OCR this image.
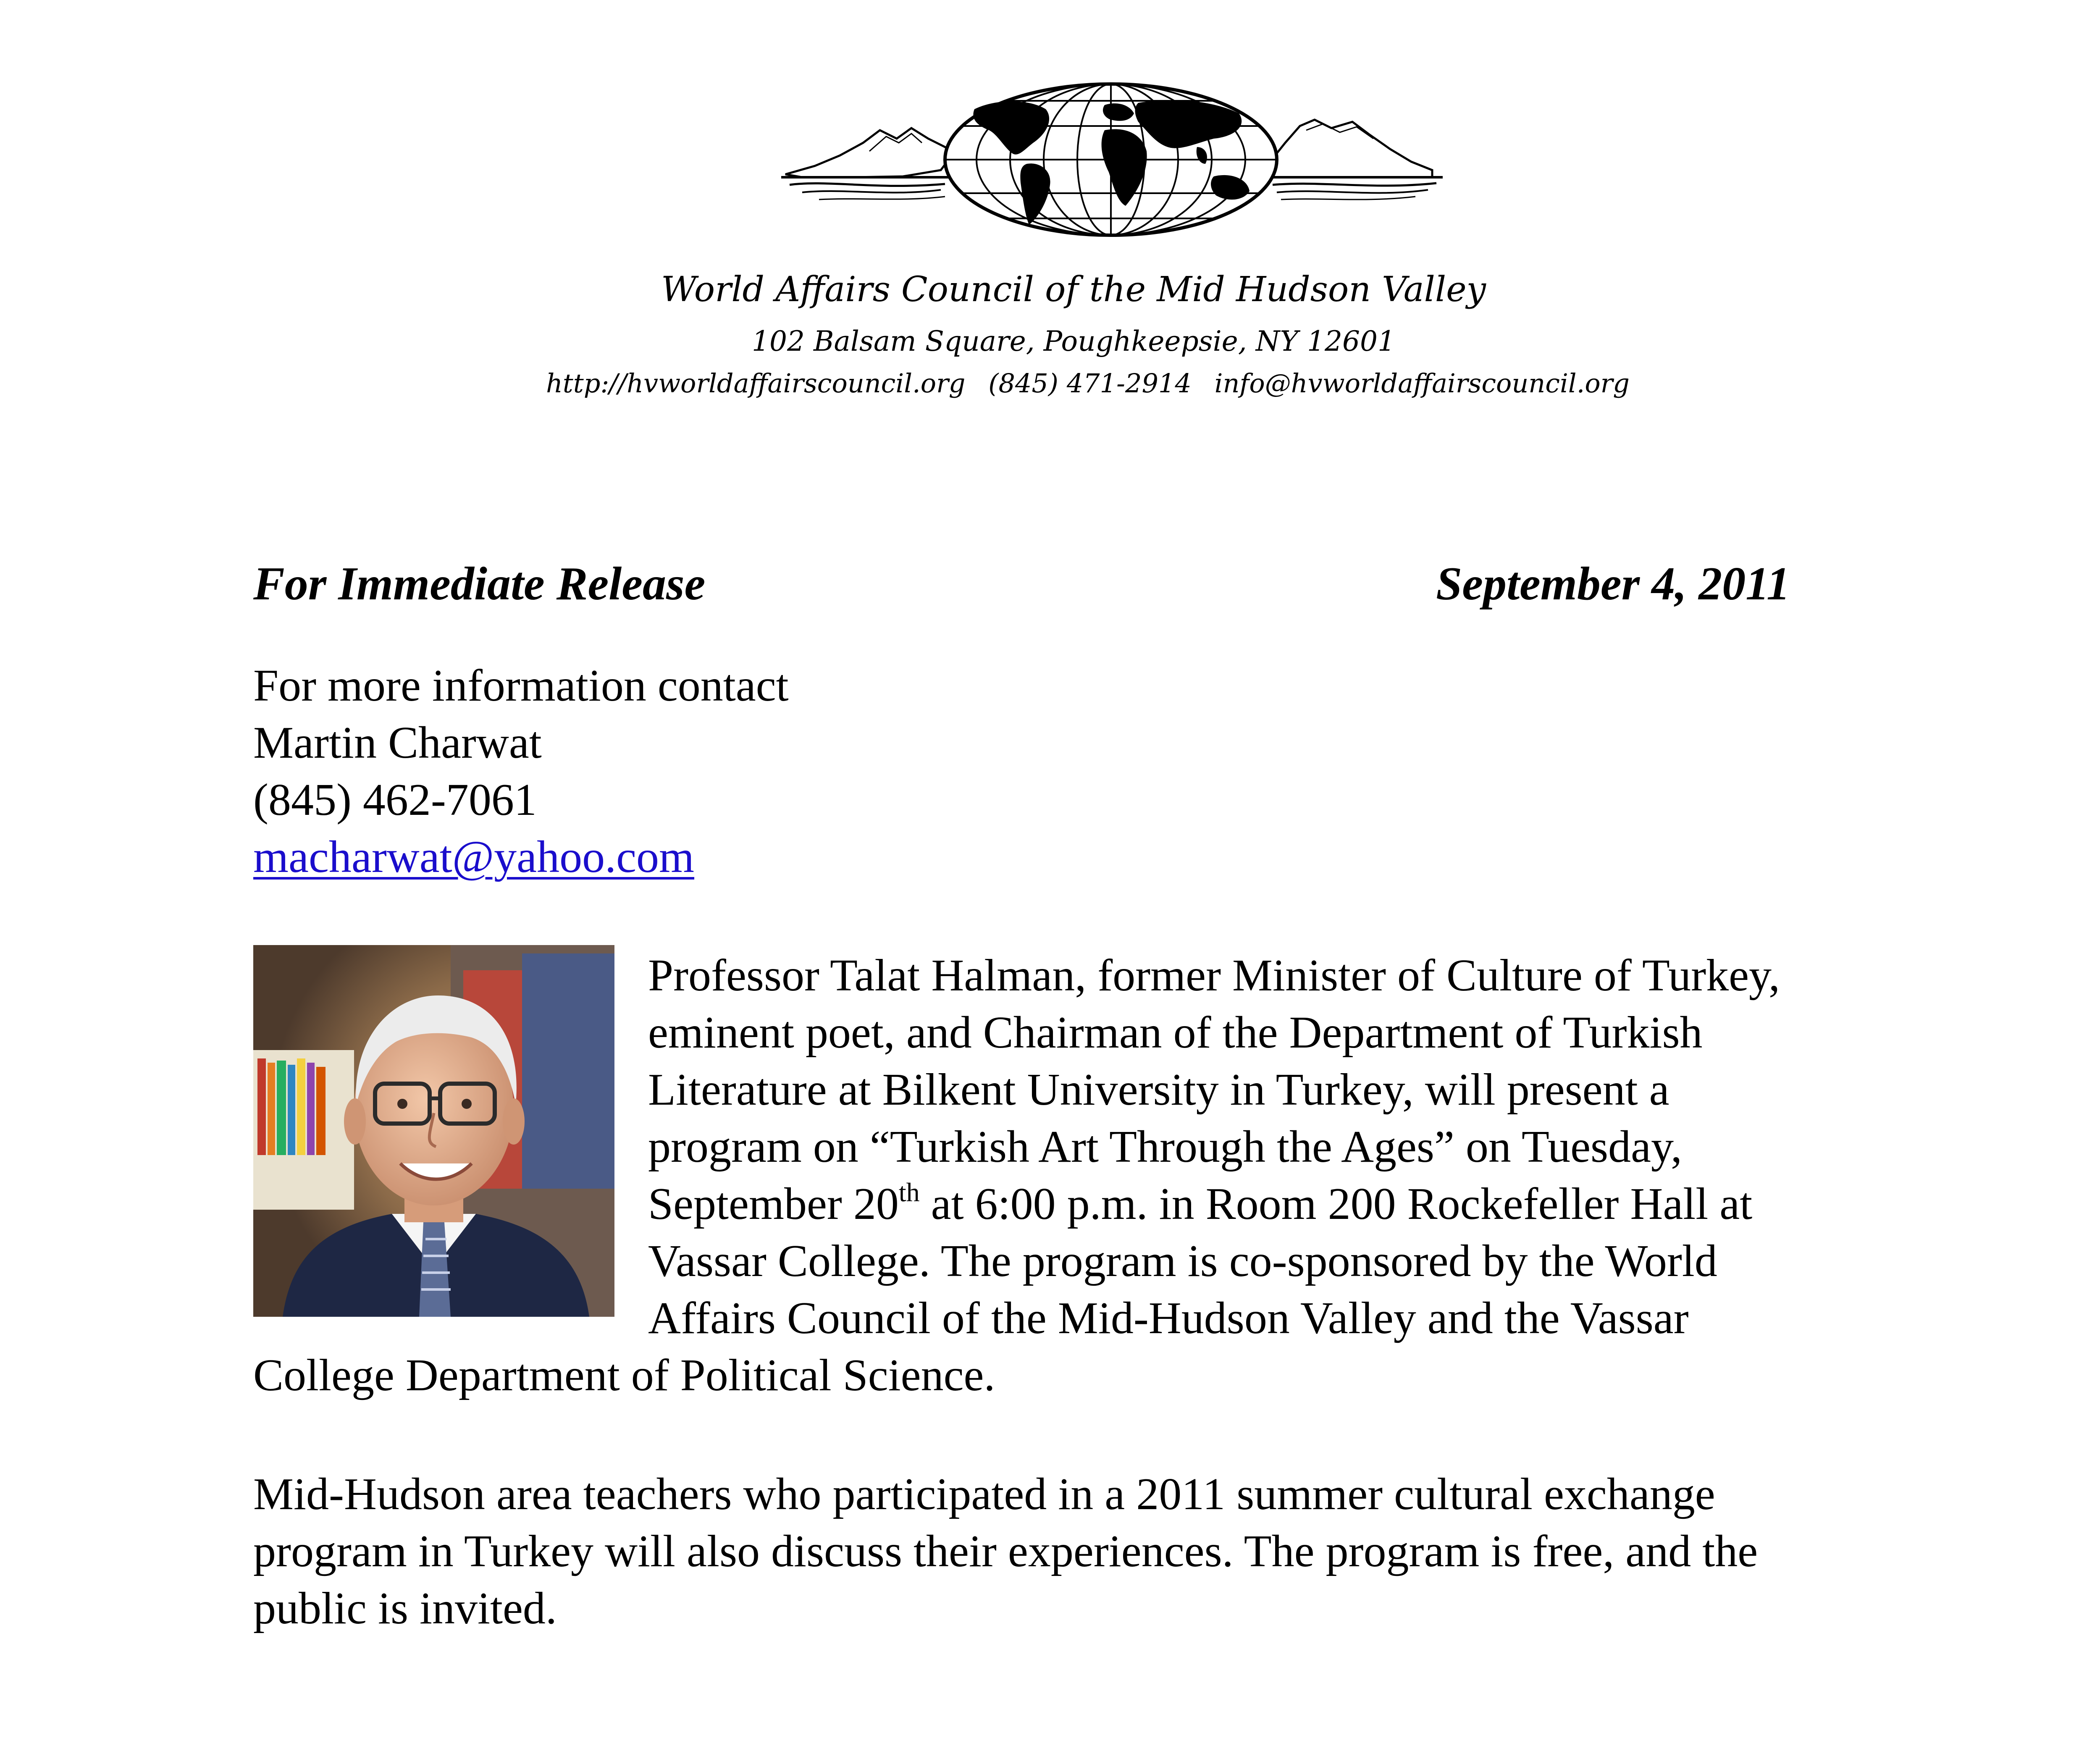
World Affairs Council of the Mid Hudson Valley
102 Balsam Square, Poughkeepsie, NY 12601
http://hvworldaffairscouncil.org (845) 471-2914 info@hvworldaffairscouncil.org
For Immediate Release	September 4, 2011
For more information contact
Martin Charwat
(845) 462-7061
macharwat@yahoo.com
Professor Talat Halman, former Minister of Culture of Turkey,
eminent poet, and Chairman of the Department of Turkish
Literature at Bilkent University in Turkey, will present a
program on “Turkish Art Through the Ages” on Tuesday,
September 20th at 6:00 p.m. in Room 200 Rockefeller Hall at
Vassar College. The program is co-sponsored by the World
Affairs Council of the Mid-Hudson Valley and the Vassar
College Department of Political Science.
Mid-Hudson area teachers who participated in a 2011 summer cultural exchange
program in Turkey will also discuss their experiences. The program is free, and the
public is invited.
